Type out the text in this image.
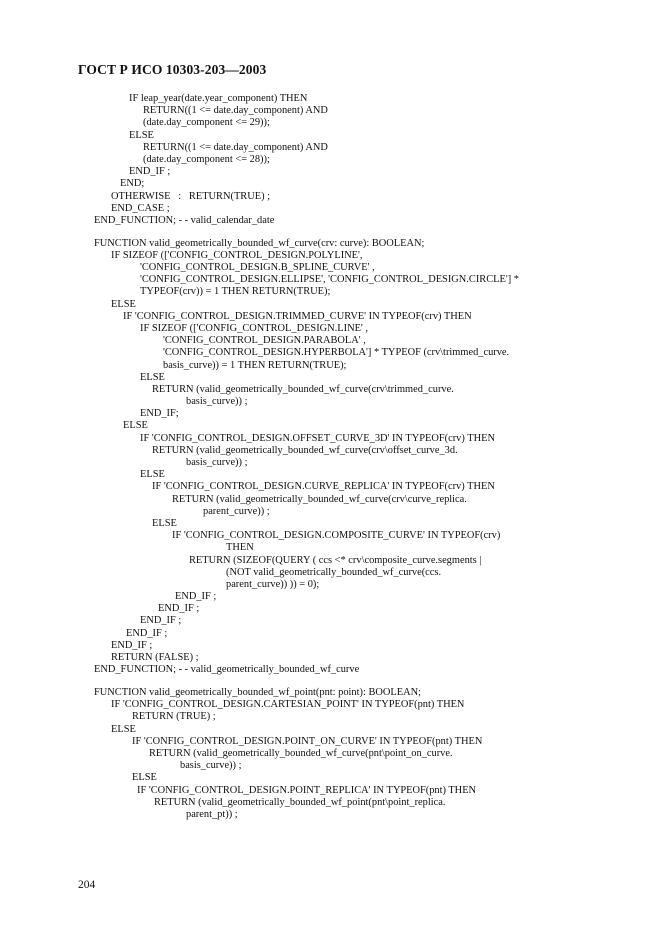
ГОСТ Р ИСО 10303-203—2003
IF leap_year(date.year_component) THEN
RETURN((1 <= date.day_component) AND
(date.day_component <= 29));
ELSE
RETURN((1 <= date.day_component) AND
(date.day_component <= 28));
END_IF ;
END;
OTHERWISE   :   RETURN(TRUE) ;
END_CASE ;
END_FUNCTION; - - valid_calendar_date
FUNCTION valid_geometrically_bounded_wf_curve(crv: curve): BOOLEAN;
IF SIZEOF (['CONFIG_CONTROL_DESIGN.POLYLINE',
'CONFIG_CONTROL_DESIGN.B_SPLINE_CURVE' ,
'CONFIG_CONTROL_DESIGN.ELLIPSE', 'CONFIG_CONTROL_DESIGN.CIRCLE'] *
TYPEOF(crv)) = 1 THEN RETURN(TRUE);
ELSE
IF 'CONFIG_CONTROL_DESIGN.TRIMMED_CURVE' IN TYPEOF(crv) THEN
IF SIZEOF (['CONFIG_CONTROL_DESIGN.LINE' ,
'CONFIG_CONTROL_DESIGN.PARABOLA' ,
'CONFIG_CONTROL_DESIGN.HYPERBOLA'] * TYPEOF (crv\trimmed_curve.
basis_curve)) = 1 THEN RETURN(TRUE);
ELSE
RETURN (valid_geometrically_bounded_wf_curve(crv\trimmed_curve.
basis_curve)) ;
END_IF;
ELSE
IF 'CONFIG_CONTROL_DESIGN.OFFSET_CURVE_3D' IN TYPEOF(crv) THEN
RETURN (valid_geometrically_bounded_wf_curve(crv\offset_curve_3d.
basis_curve)) ;
ELSE
IF 'CONFIG_CONTROL_DESIGN.CURVE_REPLICA' IN TYPEOF(crv) THEN
RETURN (valid_geometrically_bounded_wf_curve(crv\curve_replica.
parent_curve)) ;
ELSE
IF 'CONFIG_CONTROL_DESIGN.COMPOSITE_CURVE' IN TYPEOF(crv)
THEN
RETURN (SIZEOF(QUERY ( ccs <* crv\composite_curve.segments |
(NOT valid_geometrically_bounded_wf_curve(ccs.
parent_curve)) )) = 0);
END_IF ;
END_IF ;
END_IF ;
END_IF ;
END_IF ;
RETURN (FALSE) ;
END_FUNCTION; - - valid_geometrically_bounded_wf_curve
FUNCTION valid_geometrically_bounded_wf_point(pnt: point): BOOLEAN;
IF 'CONFIG_CONTROL_DESIGN.CARTESIAN_POINT' IN TYPEOF(pnt) THEN
RETURN (TRUE) ;
ELSE
IF 'CONFIG_CONTROL_DESIGN.POINT_ON_CURVE' IN TYPEOF(pnt) THEN
RETURN (valid_geometrically_bounded_wf_curve(pnt\point_on_curve.
basis_curve)) ;
ELSE
IF 'CONFIG_CONTROL_DESIGN.POINT_REPLICA' IN TYPEOF(pnt) THEN
RETURN (valid_geometrically_bounded_wf_point(pnt\point_replica.
parent_pt)) ;
204
